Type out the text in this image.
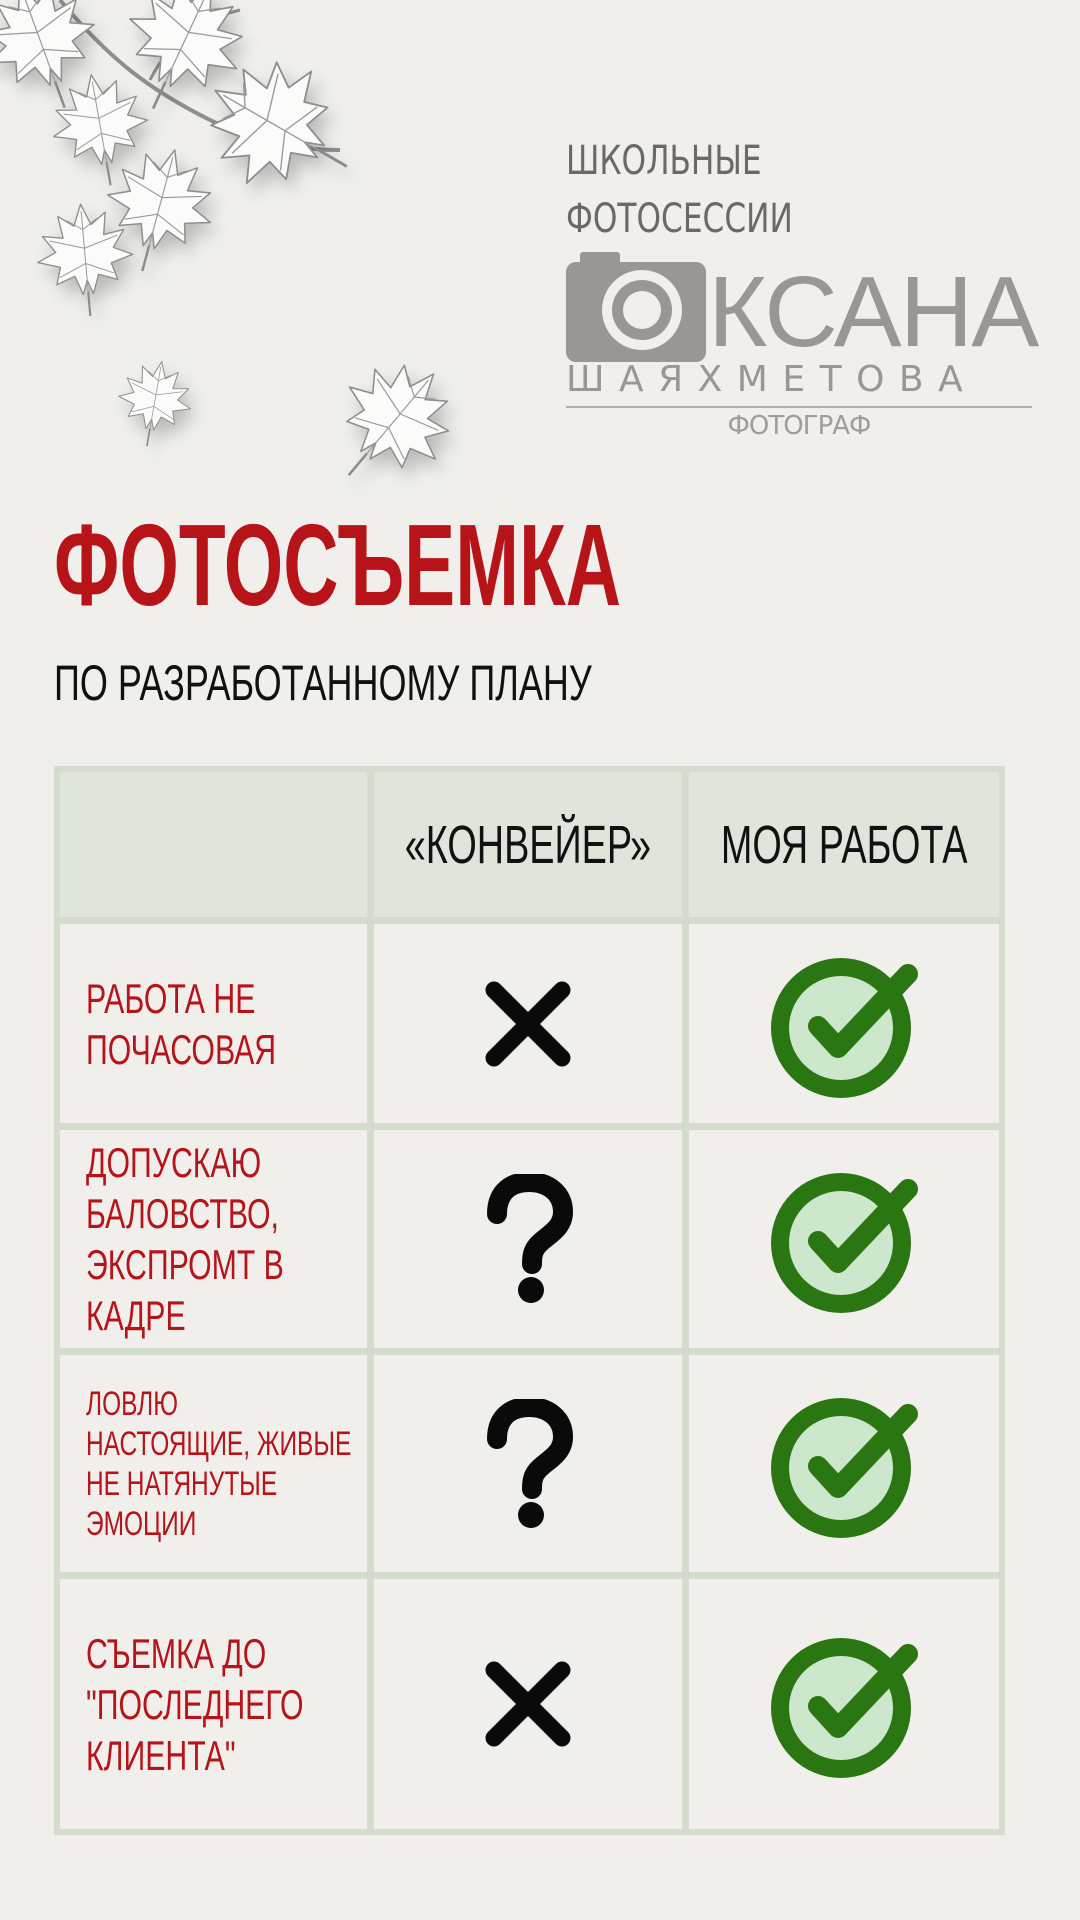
ШКОЛЬНЫЕ
ФОТОСЕССИИ
КСАНА
ШАЯХМЕТОВА
ФОТОГРАФ
ФОТОСЪЕМКА
ПО РАЗРАБОТАННОМУ ПЛАНУ
«КОНВЕЙЕР» МОЯ РАБОТА
РАБОТА НЕ
ПОЧАСОВАЯ
ДОПУСКАЮ
БАЛОВСТВО,
ЭКСПРОМТ В
КАДРЕ
ЛОВЛЮ
НАСТОЯЩИЕ, ЖИВЫЕ
НЕ НАТЯНУТЫЕ
ЭМОЦИИ
СЪЕМКА ДО
"ПОСЛЕДНЕГО
КЛИЕНТА"
